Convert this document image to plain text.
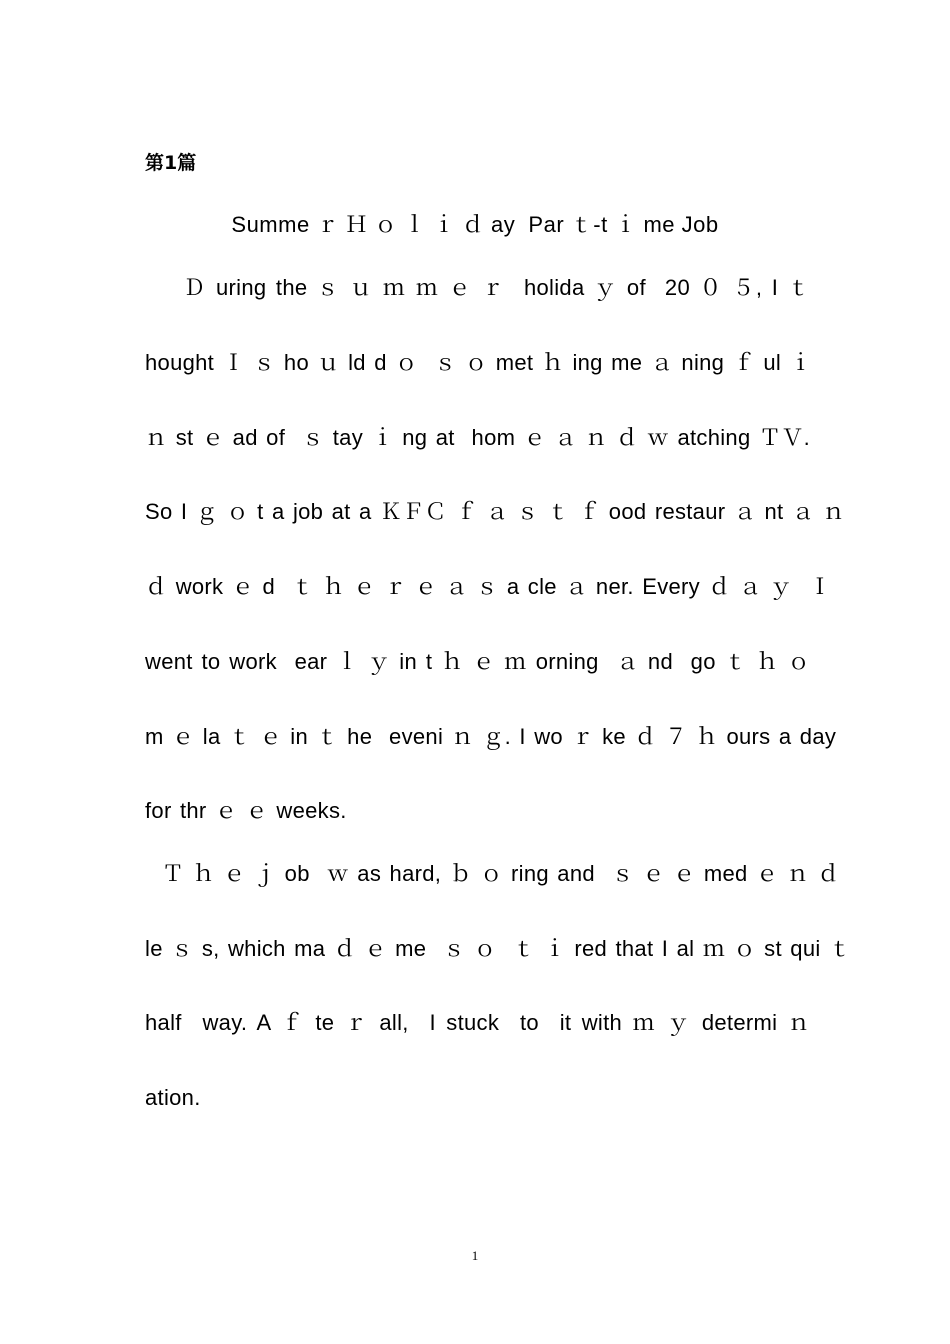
第1篇
Summe ｒ Ｈ ｏ ｌ ｉ ｄ ay  Par ｔ-t ｉ me Job
Ｄ uring the ｓ ｕ ｍ ｍ ｅ ｒ  holida ｙ of  20 ０ ５, I ｔ
hought Ｉ ｓ ho ｕ ld d ｏ  ｓ ｏ met ｈ ing me ａ ning ｆ ul ｉ
ｎ st ｅ ad of  ｓ tay ｉ ng at  hom ｅ ａ ｎ ｄ ｗ atching ＴＶ.
So I ｇ ｏ t a job at a ＫＦＣ ｆ ａ ｓ ｔ ｆ ood restaur ａ nt ａ ｎ
ｄ work ｅ d  ｔ ｈ ｅ ｒ ｅ ａ ｓ a cle ａ ner. Every ｄ ａ ｙ  Ｉ
went to work  ear ｌ ｙ in t ｈ ｅ ｍ orning  ａ nd  go ｔ ｈ ｏ
m ｅ la ｔ ｅ in ｔ he  eveni ｎ ｇ. I wo ｒ ke ｄ ７ ｈ ours a day
for thr ｅ ｅ weeks.
Ｔ ｈ ｅ ｊ ob  ｗ as hard, ｂ ｏ ring and  ｓ ｅ ｅ med ｅ ｎ ｄ
le ｓ s, which ma ｄ ｅ me  ｓ ｏ  ｔ ｉ red that I al ｍ ｏ st qui ｔ
half  way. A ｆ te ｒ all,  I stuck  to  it with ｍ ｙ determi ｎ
ation.
1
